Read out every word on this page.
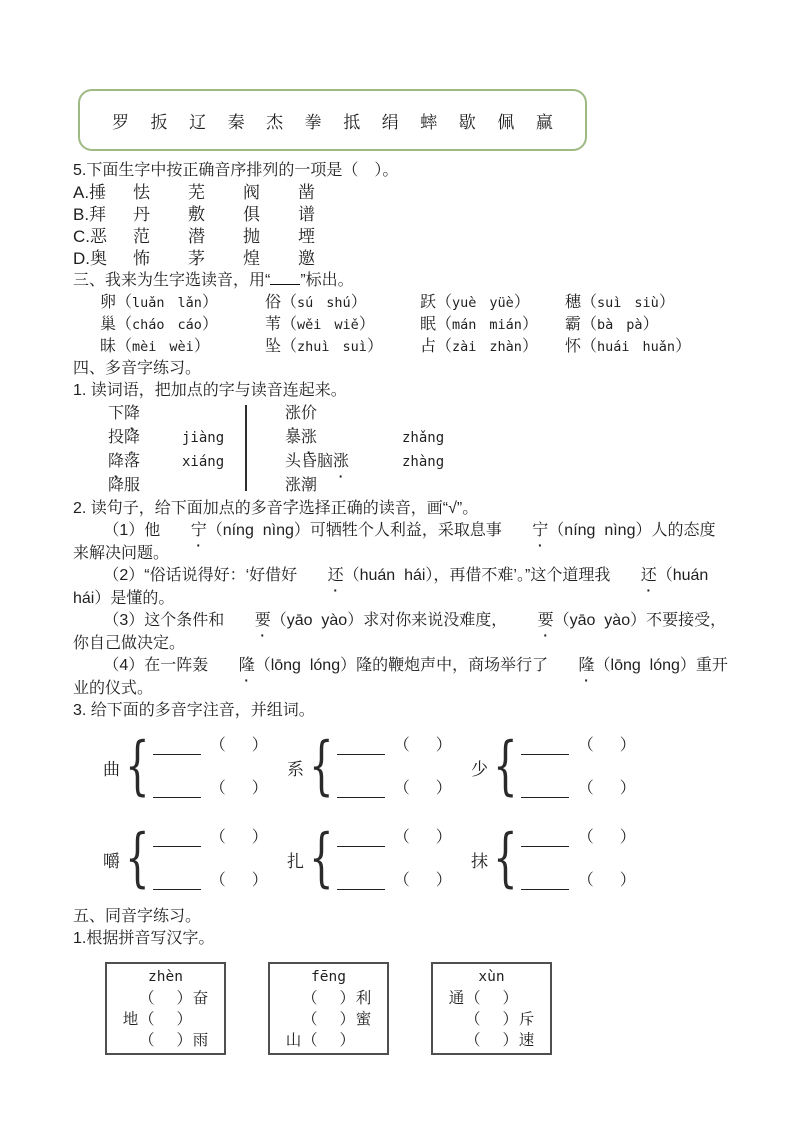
罗 扳 辽 秦 杰 拳 抵 绢 蟀 歇 佩 赢
5.下面生字中按正确音序排列的一项是（　）。
A.捶	怯	芜	阀	凿
B.拜	丹	敷	俱	谱
C.恶	范	潜	抛	堙
D.奥	怖	茅	煌	邀
三、我来为生字选读音，用“ ”标出。
卵（luǎn lǎn）	俗（sú shú）	跃（yuè yüè）	穗（suì siù）
巢（cháo cáo）	苇（wěi wiě）	眠（mán mián）	霸（bà pà）
昧（mèi wèi）	坠（zhuì suì）	占（zài zhàn）	怀（huái huǎn）
四、多音字练习。
1. 读词语，把加点的字与读音连起来。
下降
投降
降落
降服
jiàng
xiáng
涨价
暴涨
头昏脑涨
涨潮
zhǎng
zhàng
2. 读句子，给下面加点的多音字选择正确的读音，画“√”。

（1）他 宁（níng  nìng）可牺牲个人利益，采取息事 宁（níng  nìng）人的态度来解决问题。

（2）“俗话说得好：‘好借好 还（huán  hái），再借不难’。”这个道理我 还（huán  hái）是懂的。

（3）这个条件和 要（yāo  yào）求对你来说没难度， 要（yāo  yào）不要接受，你自己做决定。

（4）在一阵轰 隆（lōng  lóng）隆的鞭炮声中，商场举行了 隆（lōng  lóng）重开业的仪式。

3. 给下面的多音字注音，并组词。
曲 {	（ ）
（ ）
系 {	（ ）
（ ）
少 {	（ ）
（ ）
嚼 {	（ ）
（ ）
扎 {	（ ）
（ ）
抹 {	（ ）
（ ）
五、同音字练习。
1.根据拼音写汉字。
zhèn
（ ） 奋
地 （ ）
（ ） 雨
fēng
（ ） 利
（ ） 蜜
山 （ ）
xùn
通 （ ）
（ ） 斥
（ ） 速
